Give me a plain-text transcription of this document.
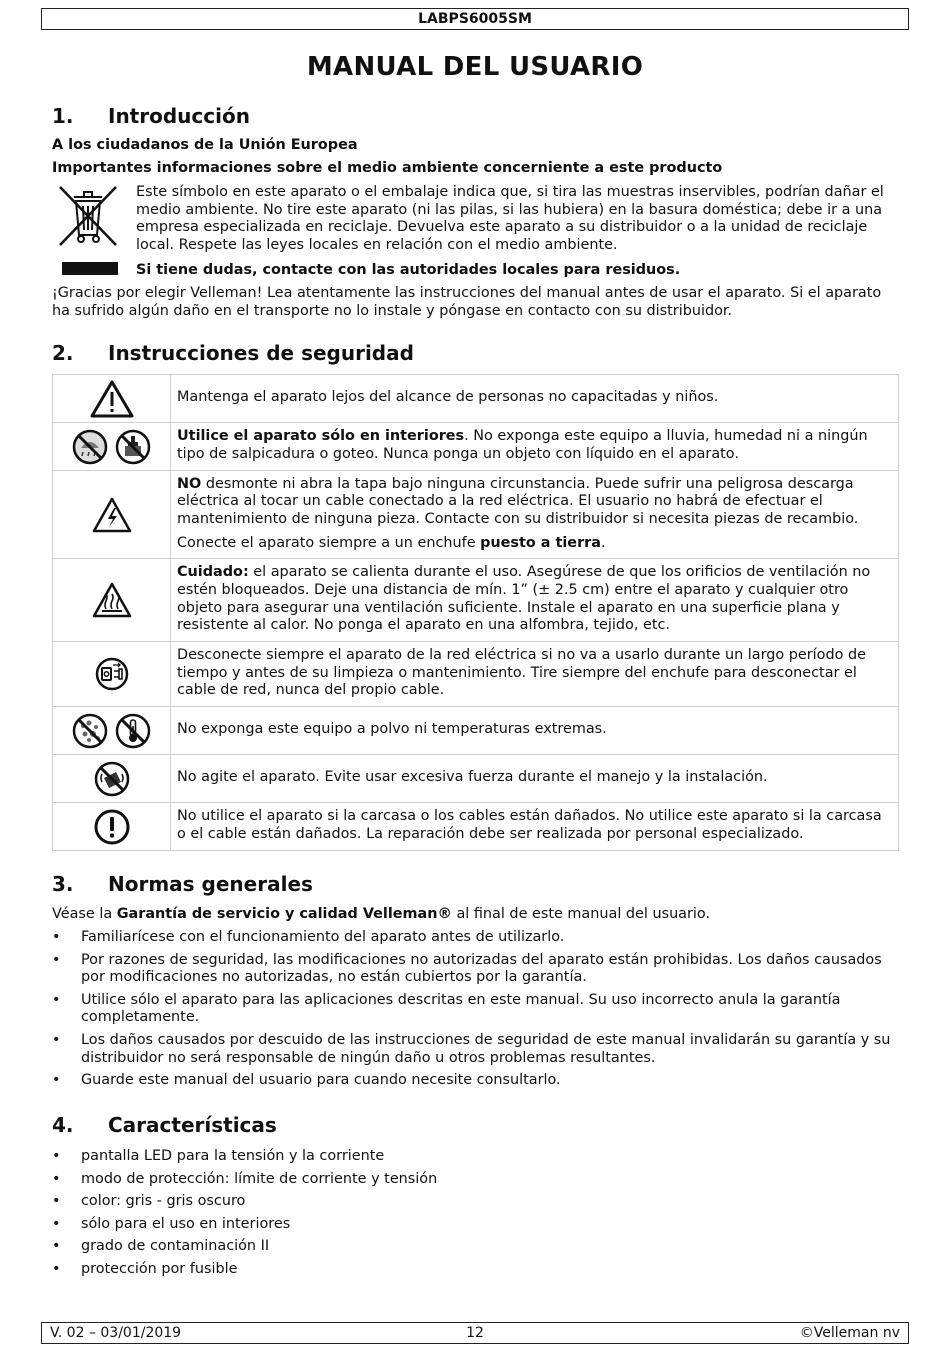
LABPS6005SM
MANUAL DEL USUARIO
1. Introducción
A los ciudadanos de la Unión Europea
Importantes informaciones sobre el medio ambiente concerniente a este producto
Este símbolo en este aparato o el embalaje indica que, si tira las muestras inservibles, podrían dañar el medio ambiente. No tire este aparato (ni las pilas, si las hubiera) en la basura doméstica; debe ir a una empresa especializada en reciclaje. Devuelva este aparato a su distribuidor o a la unidad de reciclaje local. Respete las leyes locales en relación con el medio ambiente.
Si tiene dudas, contacte con las autoridades locales para residuos.
¡Gracias por elegir Velleman! Lea atentamente las instrucciones del manual antes de usar el aparato. Si el aparato ha sufrido algún daño en el transporte no lo instale y póngase en contacto con su distribuidor.
2. Instrucciones de seguridad

Mantenga el aparato lejos del alcance de personas no capacitadas y niños.

Utilice el aparato sólo en interiores. No exponga este equipo a lluvia, humedad ni a ningún tipo de salpicadura o goteo. Nunca ponga un objeto con líquido en el aparato.

NO desmonte ni abra la tapa bajo ninguna circunstancia. Puede sufrir una peligrosa descarga eléctrica al tocar un cable conectado a la red eléctrica. El usuario no habrá de efectuar el mantenimiento de ninguna pieza. Contacte con su distribuidor si necesita piezas de recambio.

Conecte el aparato siempre a un enchufe puesto a tierra.

Cuidado: el aparato se calienta durante el uso. Asegúrese de que los orificios de ventilación no estén bloqueados. Deje una distancia de mín. 1” (± 2.5 cm) entre el aparato y cualquier otro objeto para asegurar una ventilación suficiente. Instale el aparato en una superficie plana y resistente al calor. No ponga el aparato en una alfombra, tejido, etc.

Desconecte siempre el aparato de la red eléctrica si no va a usarlo durante un largo período de tiempo y antes de su limpieza o mantenimiento. Tire siempre del enchufe para desconectar el cable de red, nunca del propio cable.

No exponga este equipo a polvo ni temperaturas extremas.

No agite el aparato. Evite usar excesiva fuerza durante el manejo y la instalación.

No utilice el aparato si la carcasa o los cables están dañados. No utilice este aparato si la carcasa o el cable están dañados. La reparación debe ser realizada por personal especializado.

3. Normas generales
Véase la Garantía de servicio y calidad Velleman® al final de este manual del usuario.
• Familiarícese con el funcionamiento del aparato antes de utilizarlo.
• Por razones de seguridad, las modificaciones no autorizadas del aparato están prohibidas. Los daños causados por modificaciones no autorizadas, no están cubiertos por la garantía.
• Utilice sólo el aparato para las aplicaciones descritas en este manual. Su uso incorrecto anula la garantía completamente.
• Los daños causados por descuido de las instrucciones de seguridad de este manual invalidarán su garantía y su distribuidor no será responsable de ningún daño u otros problemas resultantes.
• Guarde este manual del usuario para cuando necesite consultarlo.
4. Características
• pantalla LED para la tensión y la corriente
• modo de protección: límite de corriente y tensión
• color: gris - gris oscuro
• sólo para el uso en interiores
• grado de contaminación II
• protección por fusible
12
V. 02 – 03/01/2019	©Velleman nv
